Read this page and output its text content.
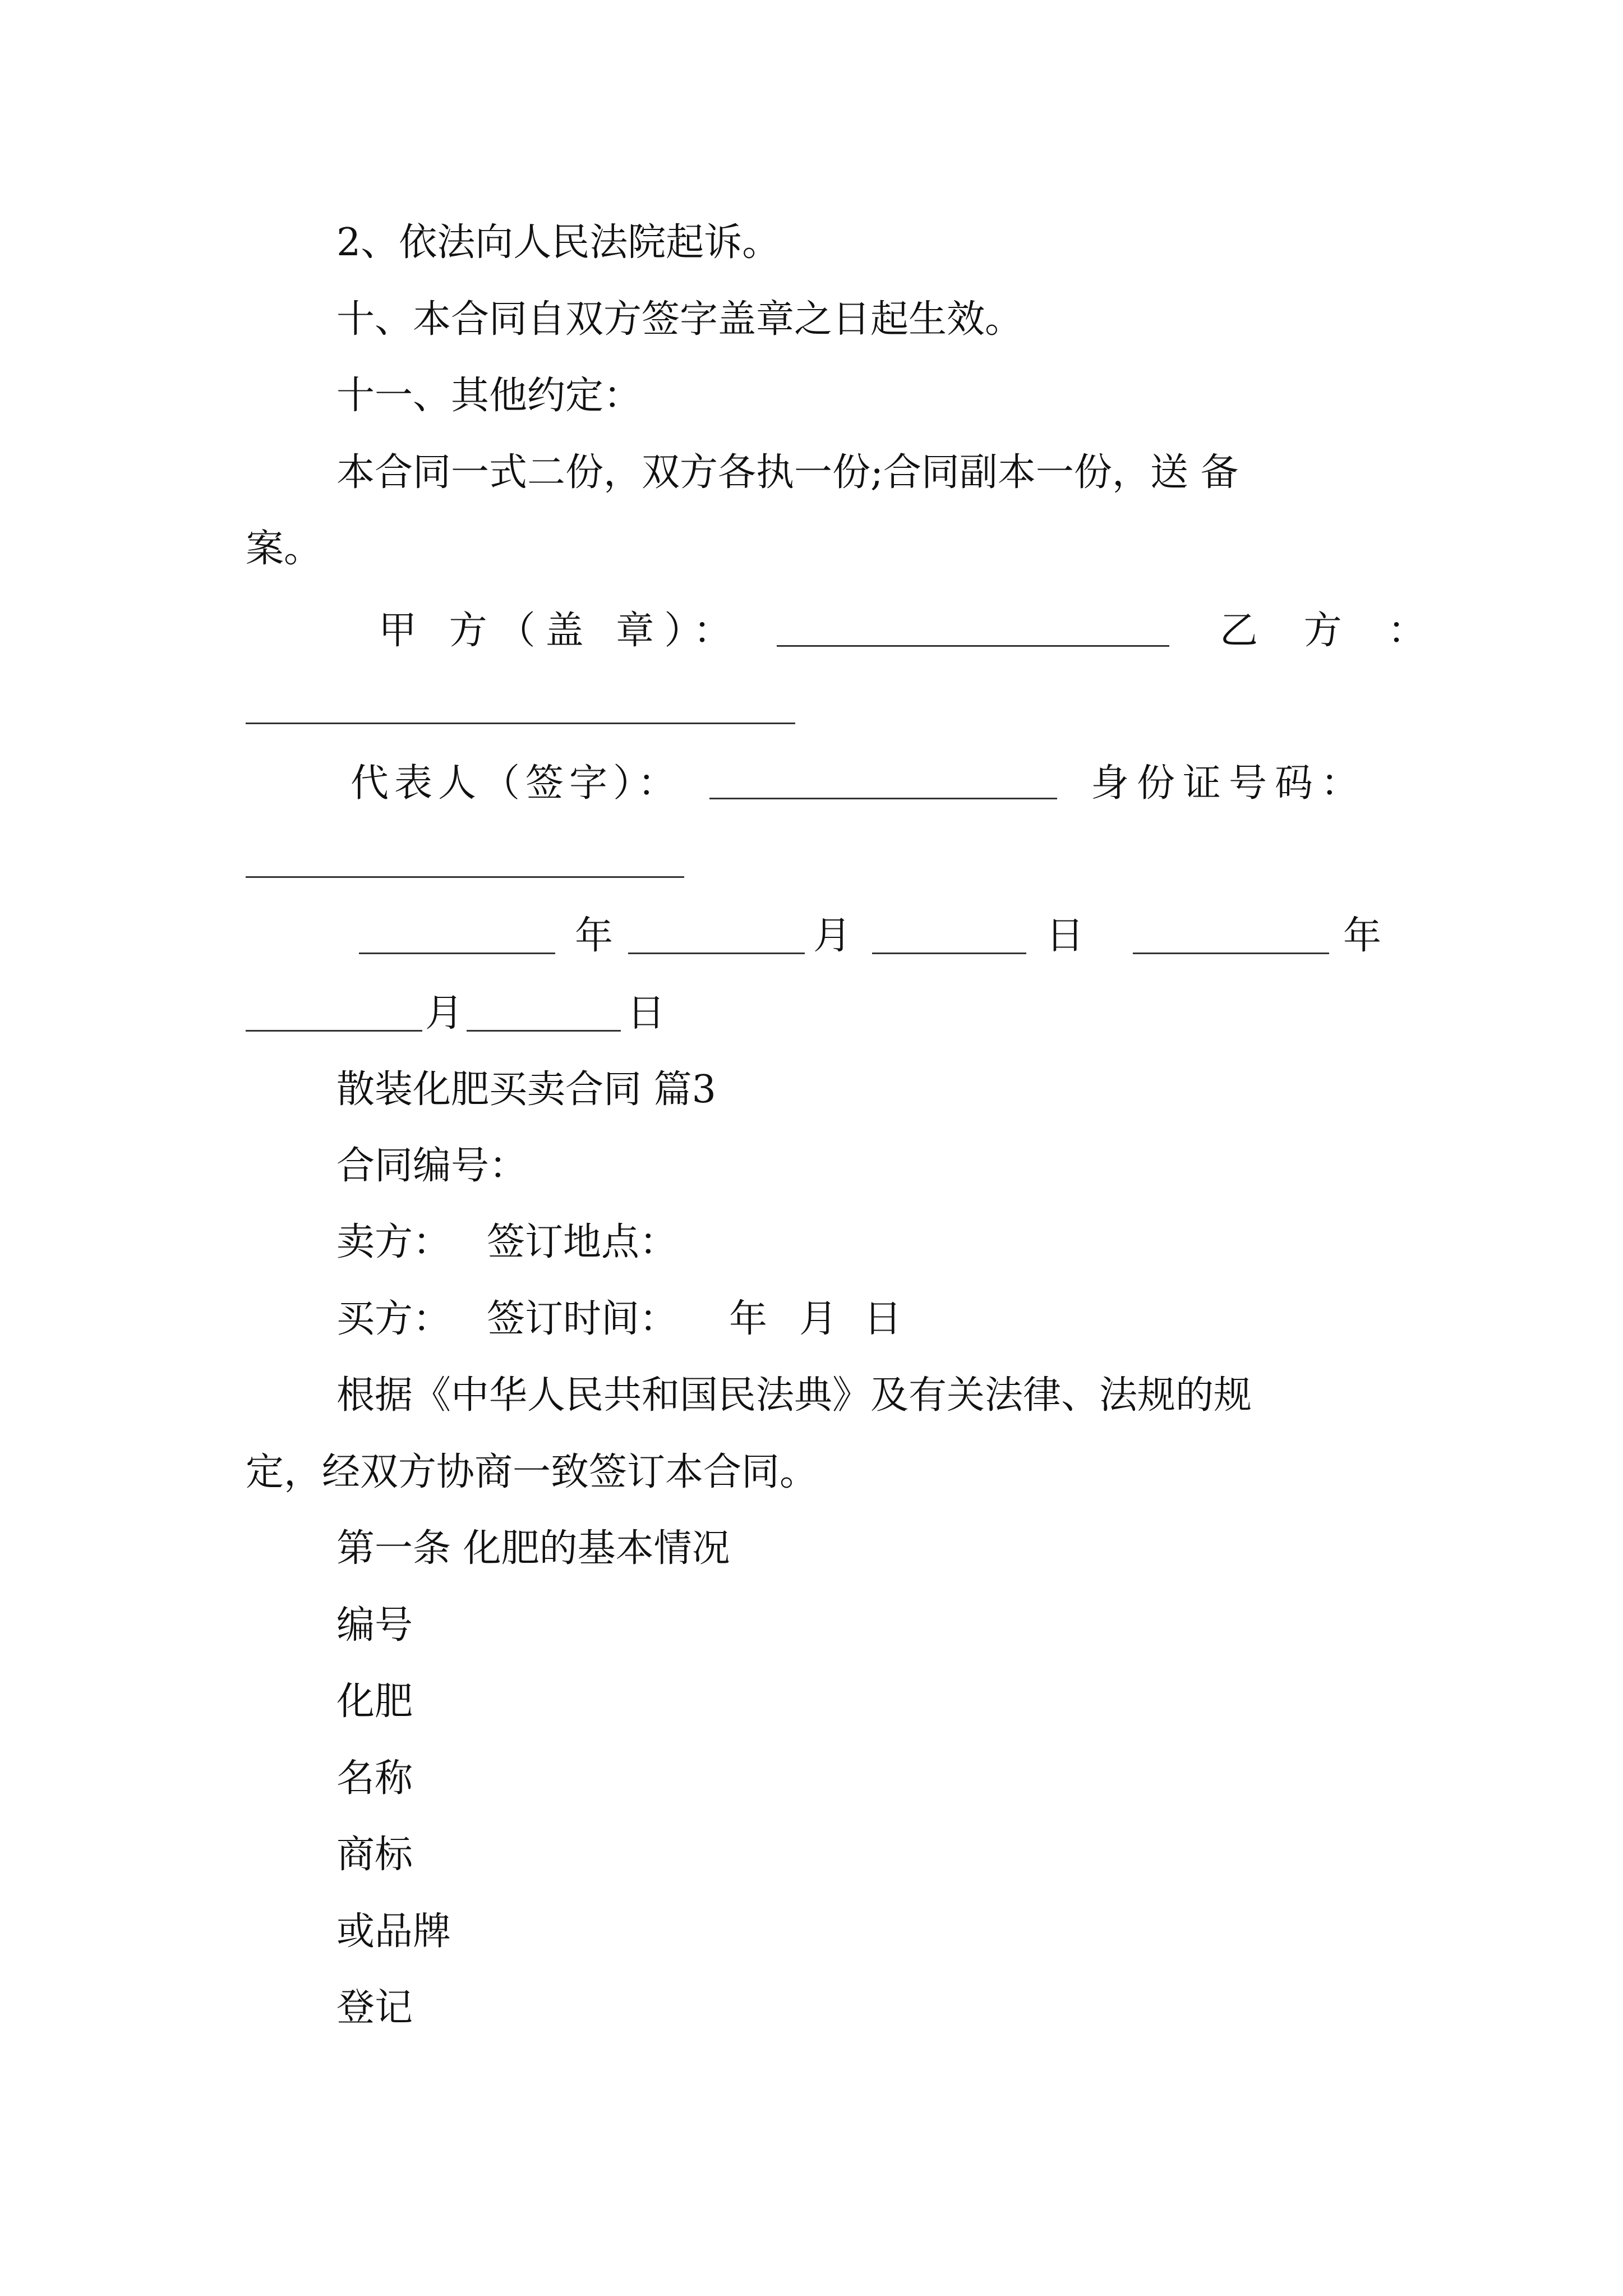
2、依法向人民法院起诉。
十、本合同自双方签字盖章之日起生效。
十一、其他约定：
本合同一式二份，双方各执一份;合同副本一份，送 备
案。
甲 方（盖 章）：	乙 方 ：
代表人（签字）：	身份证号码：
年	月	日	年
月	日
散装化肥买卖合同 篇3
合同编号：
卖方： 签订地点：
买方： 签订时间： 年 月 日
根据《中华人民共和国民法典》及有关法律、法规的规
定，经双方协商一致签订本合同。
第一条 化肥的基本情况
编号
化肥
名称
商标
或品牌
登记
